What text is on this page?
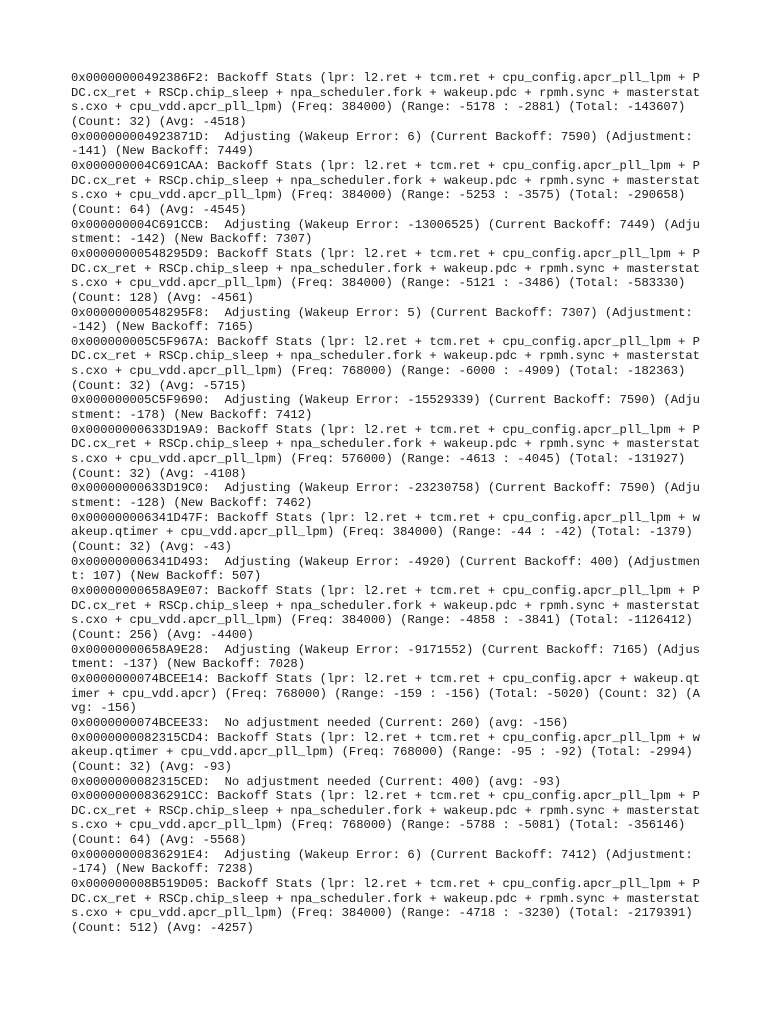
0x00000000492386F2: Backoff Stats (lpr: l2.ret + tcm.ret + cpu_config.apcr_pll_lpm + PDC.cx_ret + RSCp.chip_sleep + npa_scheduler.fork + wakeup.pdc + rpmh.sync + masterstats.cxo + cpu_vdd.apcr_pll_lpm) (Freq: 384000) (Range: -5178 : -2881) (Total: -143607) (Count: 32) (Avg: -4518)

0x000000004923871D:  Adjusting (Wakeup Error: 6) (Current Backoff: 7590) (Adjustment: -141) (New Backoff: 7449)

0x000000004C691CAA: Backoff Stats (lpr: l2.ret + tcm.ret + cpu_config.apcr_pll_lpm + PDC.cx_ret + RSCp.chip_sleep + npa_scheduler.fork + wakeup.pdc + rpmh.sync + masterstats.cxo + cpu_vdd.apcr_pll_lpm) (Freq: 384000) (Range: -5253 : -3575) (Total: -290658) (Count: 64) (Avg: -4545)

0x000000004C691CCB:  Adjusting (Wakeup Error: -13006525) (Current Backoff: 7449) (Adjustment: -142) (New Backoff: 7307)

0x00000000548295D9: Backoff Stats (lpr: l2.ret + tcm.ret + cpu_config.apcr_pll_lpm + PDC.cx_ret + RSCp.chip_sleep + npa_scheduler.fork + wakeup.pdc + rpmh.sync + masterstats.cxo + cpu_vdd.apcr_pll_lpm) (Freq: 384000) (Range: -5121 : -3486) (Total: -583330) (Count: 128) (Avg: -4561)

0x00000000548295F8:  Adjusting (Wakeup Error: 5) (Current Backoff: 7307) (Adjustment: -142) (New Backoff: 7165)

0x000000005C5F967A: Backoff Stats (lpr: l2.ret + tcm.ret + cpu_config.apcr_pll_lpm + PDC.cx_ret + RSCp.chip_sleep + npa_scheduler.fork + wakeup.pdc + rpmh.sync + masterstats.cxo + cpu_vdd.apcr_pll_lpm) (Freq: 768000) (Range: -6000 : -4909) (Total: -182363) (Count: 32) (Avg: -5715)

0x000000005C5F9690:  Adjusting (Wakeup Error: -15529339) (Current Backoff: 7590) (Adjustment: -178) (New Backoff: 7412)

0x00000000633D19A9: Backoff Stats (lpr: l2.ret + tcm.ret + cpu_config.apcr_pll_lpm + PDC.cx_ret + RSCp.chip_sleep + npa_scheduler.fork + wakeup.pdc + rpmh.sync + masterstats.cxo + cpu_vdd.apcr_pll_lpm) (Freq: 576000) (Range: -4613 : -4045) (Total: -131927) (Count: 32) (Avg: -4108)

0x00000000633D19C0:  Adjusting (Wakeup Error: -23230758) (Current Backoff: 7590) (Adjustment: -128) (New Backoff: 7462)

0x000000006341D47F: Backoff Stats (lpr: l2.ret + tcm.ret + cpu_config.apcr_pll_lpm + wakeup.qtimer + cpu_vdd.apcr_pll_lpm) (Freq: 384000) (Range: -44 : -42) (Total: -1379) (Count: 32) (Avg: -43)

0x000000006341D493:  Adjusting (Wakeup Error: -4920) (Current Backoff: 400) (Adjustment: 107) (New Backoff: 507)

0x00000000658A9E07: Backoff Stats (lpr: l2.ret + tcm.ret + cpu_config.apcr_pll_lpm + PDC.cx_ret + RSCp.chip_sleep + npa_scheduler.fork + wakeup.pdc + rpmh.sync + masterstats.cxo + cpu_vdd.apcr_pll_lpm) (Freq: 384000) (Range: -4858 : -3841) (Total: -1126412) (Count: 256) (Avg: -4400)

0x00000000658A9E28:  Adjusting (Wakeup Error: -9171552) (Current Backoff: 7165) (Adjustment: -137) (New Backoff: 7028)

0x0000000074BCEE14: Backoff Stats (lpr: l2.ret + tcm.ret + cpu_config.apcr + wakeup.qtimer + cpu_vdd.apcr) (Freq: 768000) (Range: -159 : -156) (Total: -5020) (Count: 32) (Avg: -156)

0x0000000074BCEE33:  No adjustment needed (Current: 260) (avg: -156)

0x0000000082315CD4: Backoff Stats (lpr: l2.ret + tcm.ret + cpu_config.apcr_pll_lpm + wakeup.qtimer + cpu_vdd.apcr_pll_lpm) (Freq: 768000) (Range: -95 : -92) (Total: -2994) (Count: 32) (Avg: -93)

0x0000000082315CED:  No adjustment needed (Current: 400) (avg: -93)

0x00000000836291CC: Backoff Stats (lpr: l2.ret + tcm.ret + cpu_config.apcr_pll_lpm + PDC.cx_ret + RSCp.chip_sleep + npa_scheduler.fork + wakeup.pdc + rpmh.sync + masterstats.cxo + cpu_vdd.apcr_pll_lpm) (Freq: 768000) (Range: -5788 : -5081) (Total: -356146) (Count: 64) (Avg: -5568)

0x00000000836291E4:  Adjusting (Wakeup Error: 6) (Current Backoff: 7412) (Adjustment: -174) (New Backoff: 7238)

0x000000008B519D05: Backoff Stats (lpr: l2.ret + tcm.ret + cpu_config.apcr_pll_lpm + PDC.cx_ret + RSCp.chip_sleep + npa_scheduler.fork + wakeup.pdc + rpmh.sync + masterstats.cxo + cpu_vdd.apcr_pll_lpm) (Freq: 384000) (Range: -4718 : -3230) (Total: -2179391) (Count: 512) (Avg: -4257)
